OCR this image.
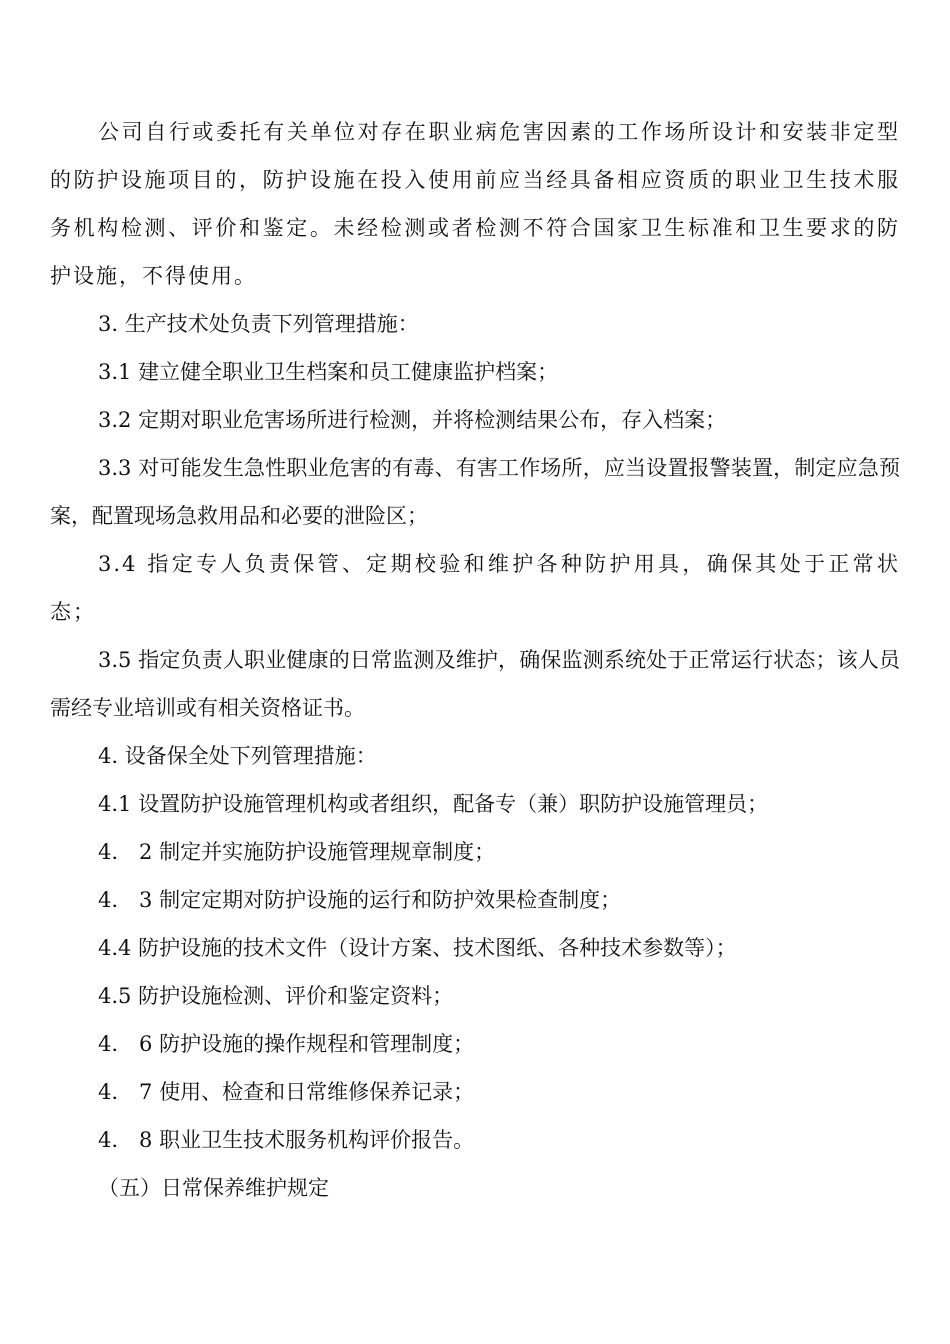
公司自行或委托有关单位对存在职业病危害因素的工作场所设计和安装非定型的防护设施项目的，防护设施在投入使用前应当经具备相应资质的职业卫生技术服务机构检测、评价和鉴定。未经检测或者检测不符合国家卫生标准和卫生要求的防护设施，不得使用。

3. 生产技术处负责下列管理措施：

3.1 建立健全职业卫生档案和员工健康监护档案；

3.2 定期对职业危害场所进行检测，并将检测结果公布，存入档案；

3.3 对可能发生急性职业危害的有毒、有害工作场所，应当设置报警装置，制定应急预案，配置现场急救用品和必要的泄险区；

3.4 指定专人负责保管、定期校验和维护各种防护用具，确保其处于正常状态；

3.5 指定负责人职业健康的日常监测及维护，确保监测系统处于正常运行状态；该人员需经专业培训或有相关资格证书。

4. 设备保全处下列管理措施：

4.1 设置防护设施管理机构或者组织，配备专（兼）职防护设施管理员；

4.　2 制定并实施防护设施管理规章制度；

4.　3 制定定期对防护设施的运行和防护效果检查制度；

4.4 防护设施的技术文件（设计方案、技术图纸、各种技术参数等）；

4.5 防护设施检测、评价和鉴定资料；

4.　6 防护设施的操作规程和管理制度；

4.　7 使用、检查和日常维修保养记录；

4.　8 职业卫生技术服务机构评价报告。

（五）日常保养维护规定
